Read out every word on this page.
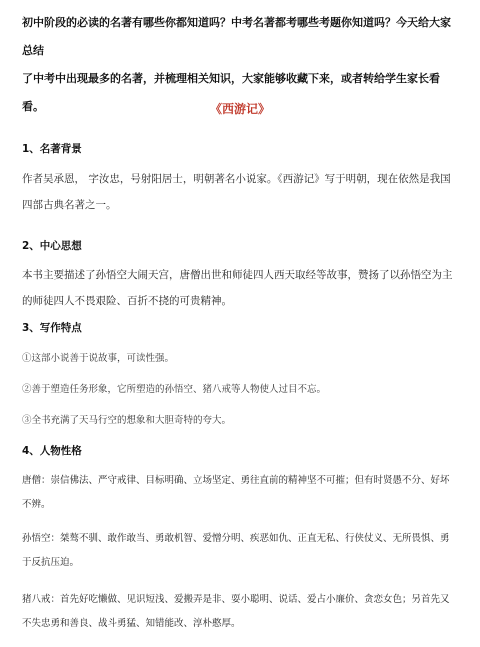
初中阶段的必读的名著有哪些你都知道吗？中考名著都考哪些考题你知道吗？今天给大家总结
了中考中出现最多的名著，并梳理相关知识，大家能够收藏下来，或者转给学生家长看看。	《西游记》
1、名著背景
作者吴承恩， 字汝忠，号射阳居士，明朝著名小说家。《西游记》写于明朝，现在依然是我国
四部古典名著之一。
2、中心思想
本书主要描述了孙悟空大闹天宫，唐僧出世和师徒四人西天取经等故事，赞扬了以孙悟空为主
的师徒四人不畏艰险、百折不挠的可贵精神。
3、写作特点
①这部小说善于说故事，可读性强。
②善于塑造任务形象，它所塑造的孙悟空、猪八戒等人物使人过目不忘。
③全书充满了天马行空的想象和大胆奇特的夸大。
4、人物性格
唐僧：崇信佛法、严守戒律、目标明确、立场坚定、勇往直前的精神坚不可摧；但有时贤愚不分、好坏
不辨。
孙悟空：桀骜不驯、敢作敢当、勇敢机智、爱憎分明、疾恶如仇、正直无私、行侠仗义、无所畏惧、勇
于反抗压迫。
猪八戒：首先好吃懒做、见识短浅、爱搬弄是非、耍小聪明、说话、爱占小廉价、贪恋女色；另首先又
不失忠勇和善良、战斗勇猛、知错能改、淳朴憨厚。
